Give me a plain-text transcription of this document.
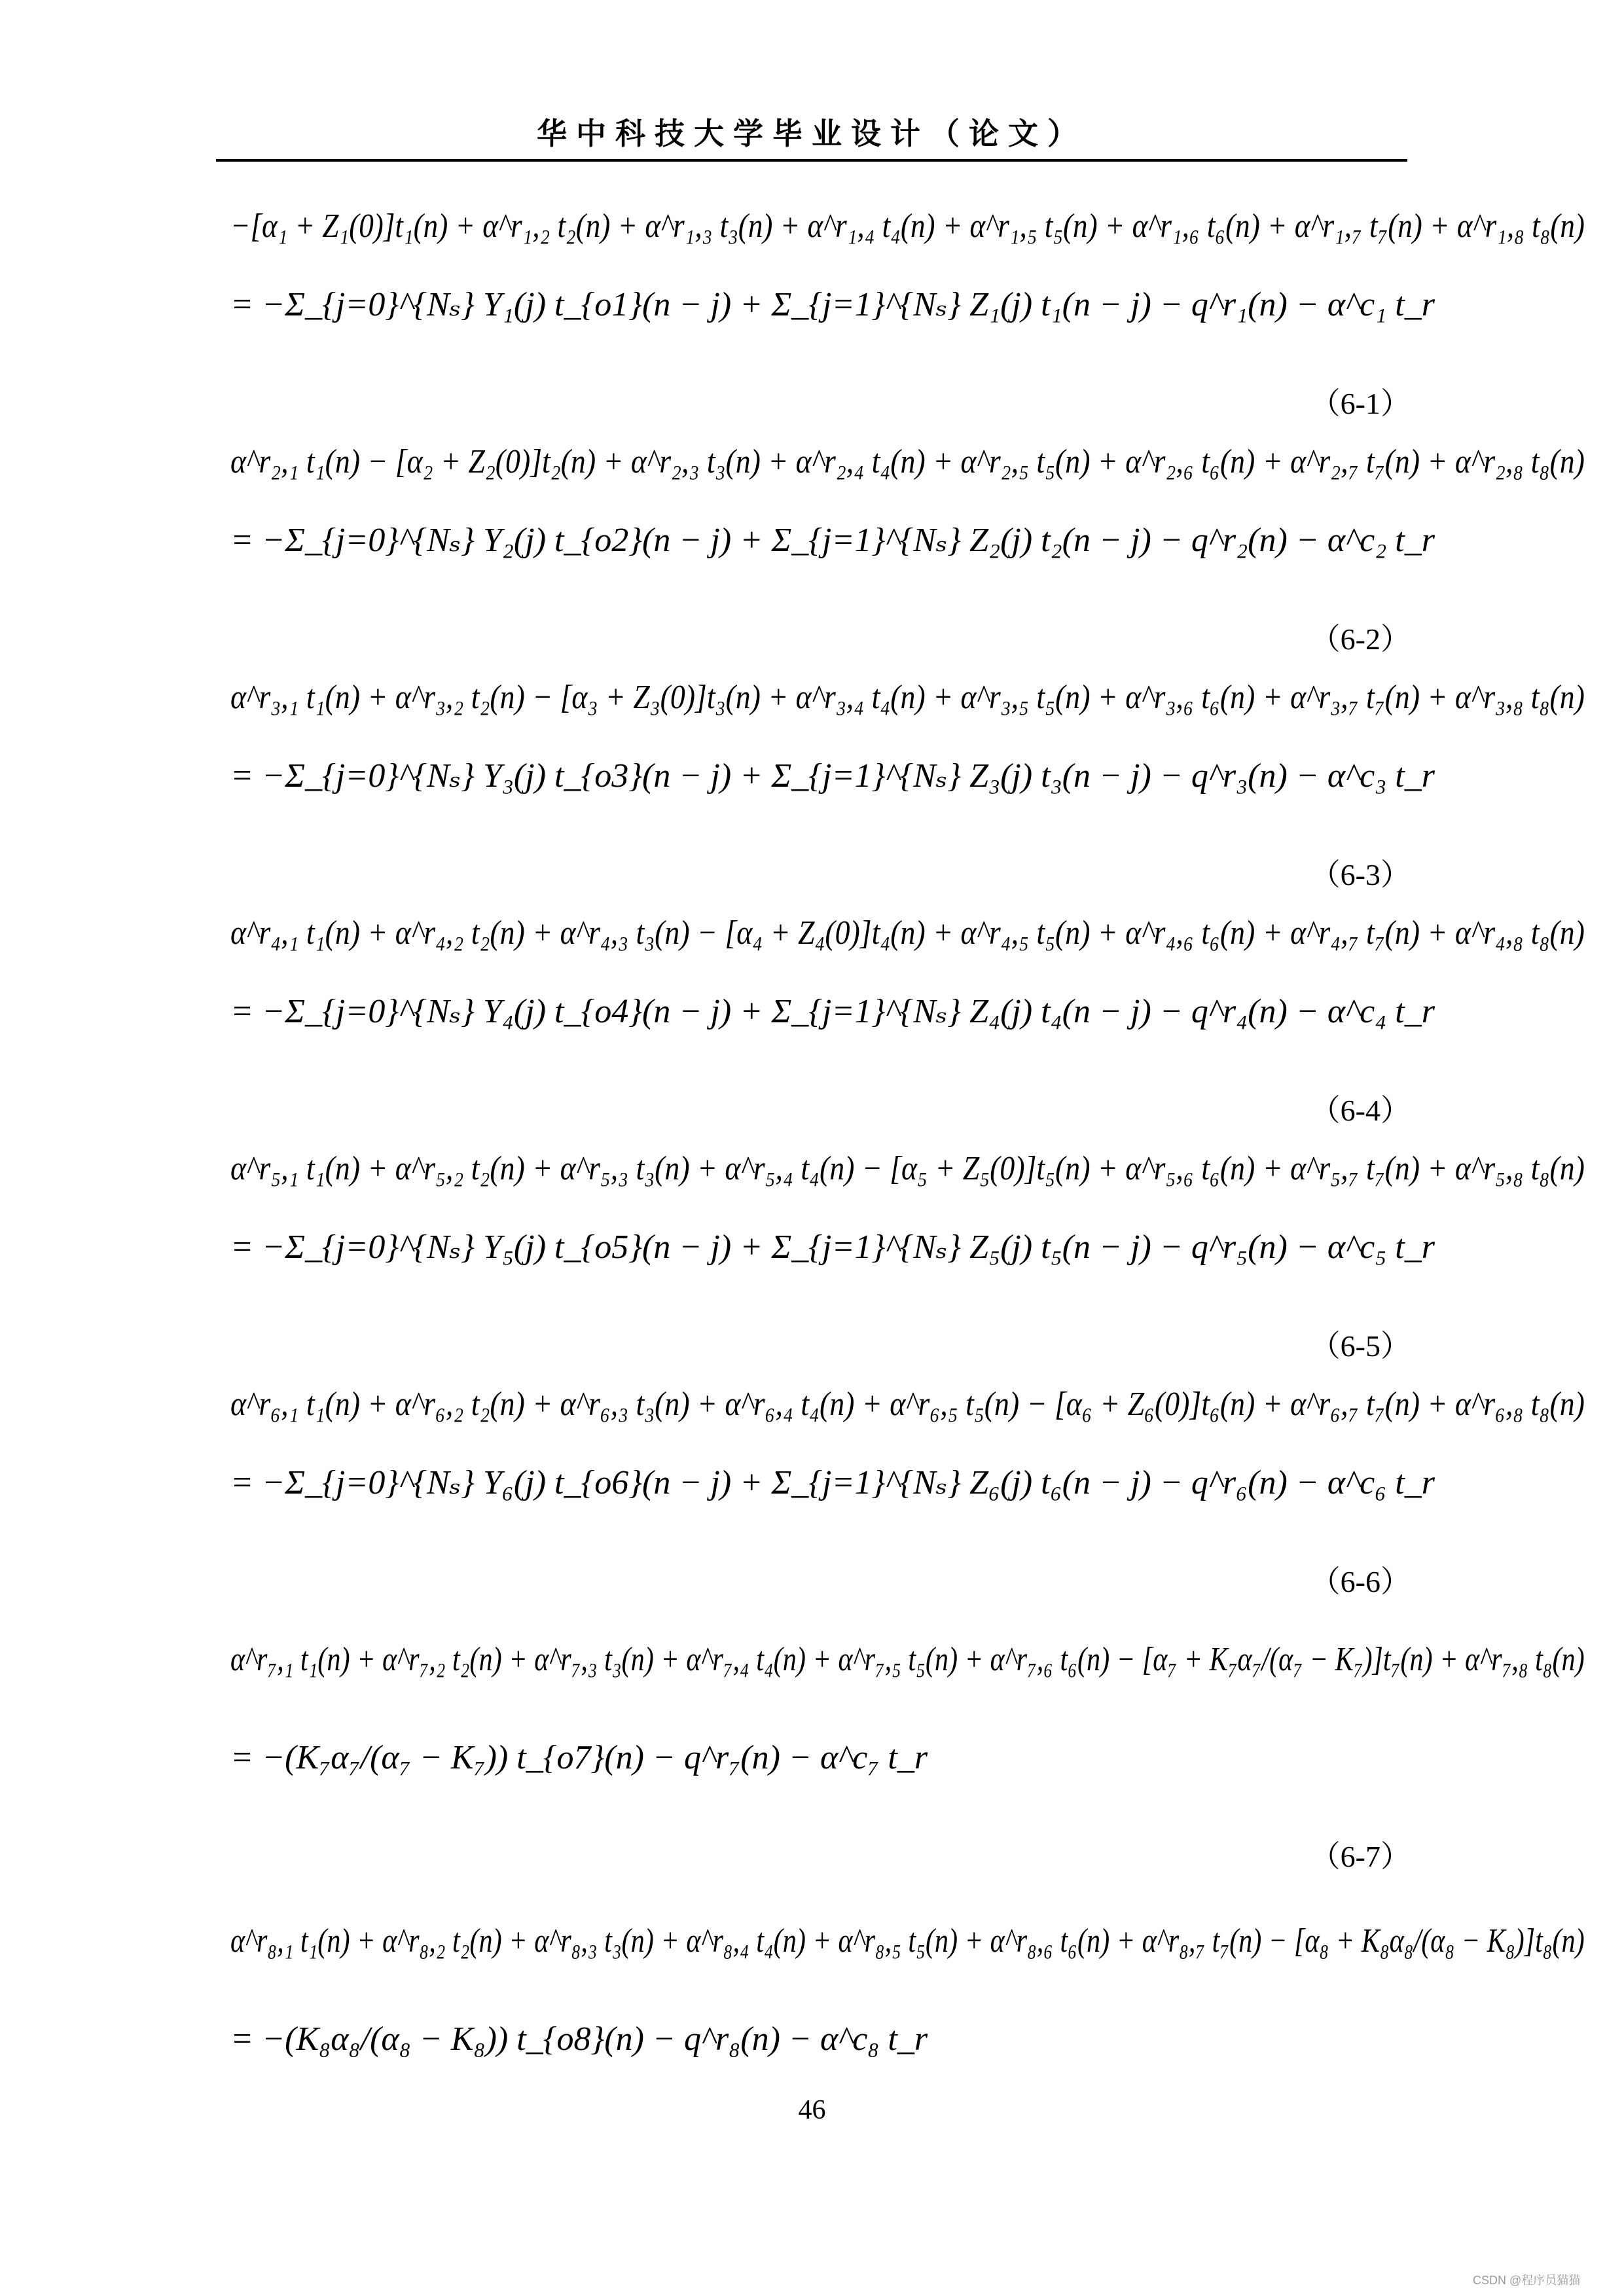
华中科技大学毕业设计（论文）
−[α₁ + Z₁(0)]t₁(n) + α^r₁,₂ t₂(n) + α^r₁,₃ t₃(n) + α^r₁,₄ t₄(n) + α^r₁,₅ t₅(n) + α^r₁,₆ t₆(n) + α^r₁,₇ t₇(n) + α^r₁,₈ t₈(n)
= −Σ_{j=0}^{Nₛ} Y₁(j) t_{o1}(n − j) + Σ_{j=1}^{Nₛ} Z₁(j) t₁(n − j) − q^r₁(n) − α^c₁ t_r
（6-1）
α^r₂,₁ t₁(n) − [α₂ + Z₂(0)]t₂(n) + α^r₂,₃ t₃(n) + α^r₂,₄ t₄(n) + α^r₂,₅ t₅(n) + α^r₂,₆ t₆(n) + α^r₂,₇ t₇(n) + α^r₂,₈ t₈(n)
= −Σ_{j=0}^{Nₛ} Y₂(j) t_{o2}(n − j) + Σ_{j=1}^{Nₛ} Z₂(j) t₂(n − j) − q^r₂(n) − α^c₂ t_r
（6-2）
α^r₃,₁ t₁(n) + α^r₃,₂ t₂(n) − [α₃ + Z₃(0)]t₃(n) + α^r₃,₄ t₄(n) + α^r₃,₅ t₅(n) + α^r₃,₆ t₆(n) + α^r₃,₇ t₇(n) + α^r₃,₈ t₈(n)
= −Σ_{j=0}^{Nₛ} Y₃(j) t_{o3}(n − j) + Σ_{j=1}^{Nₛ} Z₃(j) t₃(n − j) − q^r₃(n) − α^c₃ t_r
（6-3）
α^r₄,₁ t₁(n) + α^r₄,₂ t₂(n) + α^r₄,₃ t₃(n) − [α₄ + Z₄(0)]t₄(n) + α^r₄,₅ t₅(n) + α^r₄,₆ t₆(n) + α^r₄,₇ t₇(n) + α^r₄,₈ t₈(n)
= −Σ_{j=0}^{Nₛ} Y₄(j) t_{o4}(n − j) + Σ_{j=1}^{Nₛ} Z₄(j) t₄(n − j) − q^r₄(n) − α^c₄ t_r
（6-4）
α^r₅,₁ t₁(n) + α^r₅,₂ t₂(n) + α^r₅,₃ t₃(n) + α^r₅,₄ t₄(n) − [α₅ + Z₅(0)]t₅(n) + α^r₅,₆ t₆(n) + α^r₅,₇ t₇(n) + α^r₅,₈ t₈(n)
= −Σ_{j=0}^{Nₛ} Y₅(j) t_{o5}(n − j) + Σ_{j=1}^{Nₛ} Z₅(j) t₅(n − j) − q^r₅(n) − α^c₅ t_r
（6-5）
α^r₆,₁ t₁(n) + α^r₆,₂ t₂(n) + α^r₆,₃ t₃(n) + α^r₆,₄ t₄(n) + α^r₆,₅ t₅(n) − [α₆ + Z₆(0)]t₆(n) + α^r₆,₇ t₇(n) + α^r₆,₈ t₈(n)
= −Σ_{j=0}^{Nₛ} Y₆(j) t_{o6}(n − j) + Σ_{j=1}^{Nₛ} Z₆(j) t₆(n − j) − q^r₆(n) − α^c₆ t_r
（6-6）
α^r₇,₁ t₁(n) + α^r₇,₂ t₂(n) + α^r₇,₃ t₃(n) + α^r₇,₄ t₄(n) + α^r₇,₅ t₅(n) + α^r₇,₆ t₆(n) − [α₇ + K₇α₇/(α₇ − K₇)]t₇(n) + α^r₇,₈ t₈(n)
= −(K₇α₇/(α₇ − K₇)) t_{o7}(n) − q^r₇(n) − α^c₇ t_r
（6-7）
α^r₈,₁ t₁(n) + α^r₈,₂ t₂(n) + α^r₈,₃ t₃(n) + α^r₈,₄ t₄(n) + α^r₈,₅ t₅(n) + α^r₈,₆ t₆(n) + α^r₈,₇ t₇(n) − [α₈ + K₈α₈/(α₈ − K₈)]t₈(n)
= −(K₈α₈/(α₈ − K₈)) t_{o8}(n) − q^r₈(n) − α^c₈ t_r
46
CSDN @程序员猫猫
